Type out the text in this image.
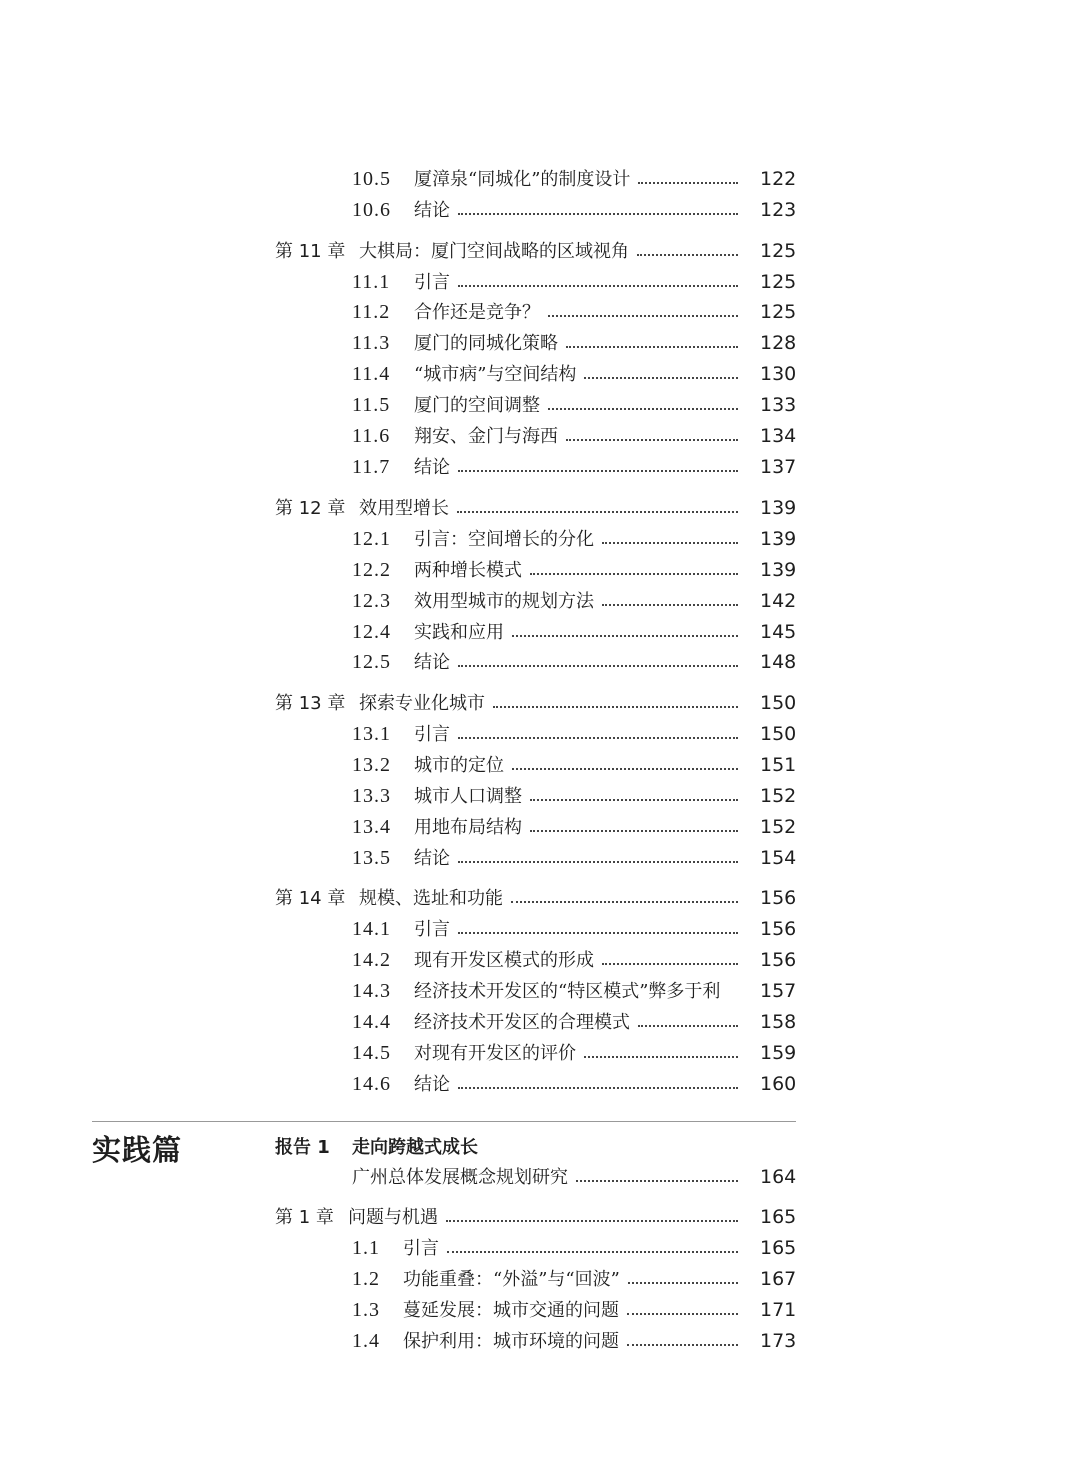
实践篇
10.5 厦漳泉“同城化”的制度设计	122
10.6 结论	123
第 11 章 大棋局：厦门空间战略的区域视角	125
11.1 引言	125
11.2 合作还是竞争？	125
11.3 厦门的同城化策略	128
11.4 “城市病”与空间结构	130
11.5 厦门的空间调整	133
11.6 翔安、金门与海西	134
11.7 结论	137
第 12 章 效用型增长	139
12.1 引言：空间增长的分化	139
12.2 两种增长模式	139
12.3 效用型城市的规划方法	142
12.4 实践和应用	145
12.5 结论	148
第 13 章 探索专业化城市	150
13.1 引言	150
13.2 城市的定位	151
13.3 城市人口调整	152
13.4 用地布局结构	152
13.5 结论	154
第 14 章 规模、选址和功能	156
14.1 引言	156
14.2 现有开发区模式的形成	156
14.3 经济技术开发区的“特区模式”弊多于利 157
14.4 经济技术开发区的合理模式	158
14.5 对现有开发区的评价	159
14.6 结论	160
报告 1 走向跨越式成长
广州总体发展概念规划研究	164
第 1 章 问题与机遇	165
1.1 引言	165
1.2 功能重叠：“外溢”与“回波”	167
1.3 蔓延发展：城市交通的问题	171
1.4 保护利用：城市环境的问题	173
